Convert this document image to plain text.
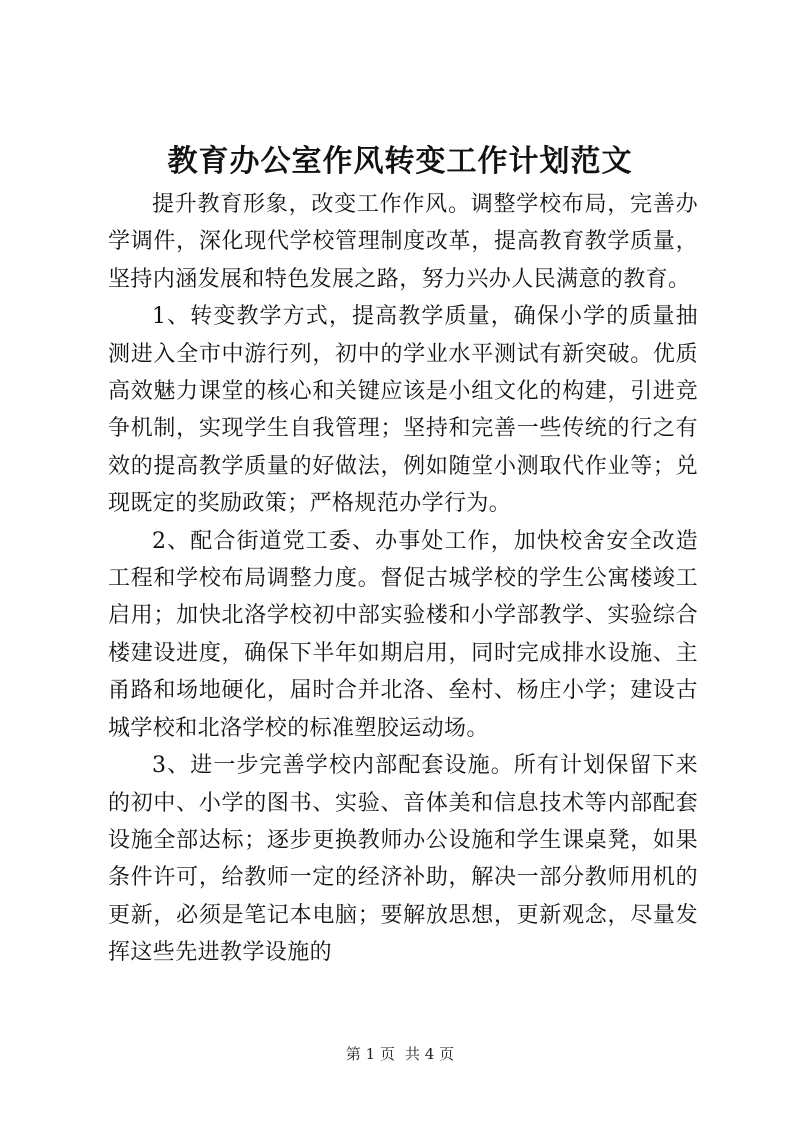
教育办公室作风转变工作计划范文

提升教育形象，改变工作作风。调整学校布局，完善办学调件，深化现代学校管理制度改革，提高教育教学质量，坚持内涵发展和特色发展之路，努力兴办人民满意的教育。

1、转变教学方式，提高教学质量，确保小学的质量抽测进入全市中游行列，初中的学业水平测试有新突破。优质高效魅力课堂的核心和关键应该是小组文化的构建，引进竞争机制，实现学生自我管理；坚持和完善一些传统的行之有效的提高教学质量的好做法，例如随堂小测取代作业等；兑现既定的奖励政策；严格规范办学行为。

2、配合街道党工委、办事处工作，加快校舍安全改造工程和学校布局调整力度。督促古城学校的学生公寓楼竣工启用；加快北洛学校初中部实验楼和小学部教学、实验综合楼建设进度，确保下半年如期启用，同时完成排水设施、主甬路和场地硬化，届时合并北洛、垒村、杨庄小学；建设古城学校和北洛学校的标准塑胶运动场。

3、进一步完善学校内部配套设施。所有计划保留下来的初中、小学的图书、实验、音体美和信息技术等内部配套设施全部达标；逐步更换教师办公设施和学生课桌凳，如果条件许可，给教师一定的经济补助，解决一部分教师用机的更新，必须是笔记本电脑；要解放思想，更新观念，尽量发挥这些先进教学设施的

第 1 页 共 4 页
